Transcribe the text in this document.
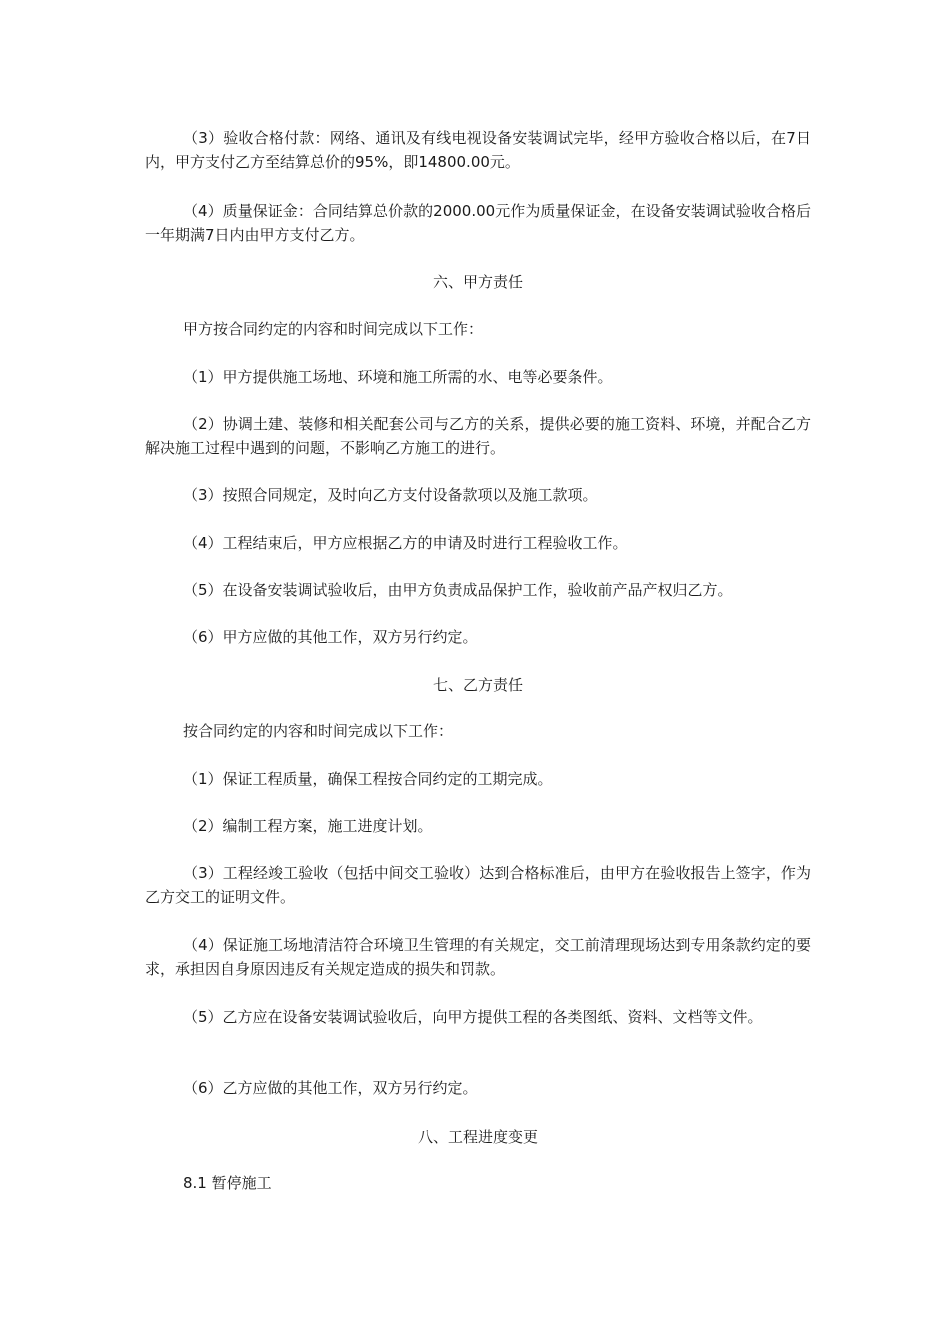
（3）验收合格付款：网络、通讯及有线电视设备安装调试完毕，经甲方验收合格以后，在7日内，甲方支付乙方至结算总价的95%，即14800.00元。

（4）质量保证金：合同结算总价款的2000.00元作为质量保证金，在设备安装调试验收合格后一年期满7日内由甲方支付乙方。

六、甲方责任

甲方按合同约定的内容和时间完成以下工作：

（1）甲方提供施工场地、环境和施工所需的水、电等必要条件。

（2）协调土建、装修和相关配套公司与乙方的关系，提供必要的施工资料、环境，并配合乙方解决施工过程中遇到的问题，不影响乙方施工的进行。

（3）按照合同规定，及时向乙方支付设备款项以及施工款项。

（4）工程结束后，甲方应根据乙方的申请及时进行工程验收工作。

（5）在设备安装调试验收后，由甲方负责成品保护工作，验收前产品产权归乙方。

（6）甲方应做的其他工作，双方另行约定。

七、乙方责任

按合同约定的内容和时间完成以下工作：

（1）保证工程质量，确保工程按合同约定的工期完成。

（2）编制工程方案，施工进度计划。

（3）工程经竣工验收（包括中间交工验收）达到合格标准后，由甲方在验收报告上签字，作为乙方交工的证明文件。

（4）保证施工场地清洁符合环境卫生管理的有关规定，交工前清理现场达到专用条款约定的要求，承担因自身原因违反有关规定造成的损失和罚款。

（5）乙方应在设备安装调试验收后，向甲方提供工程的各类图纸、资料、文档等文件。

（6）乙方应做的其他工作，双方另行约定。

八、工程进度变更

8.1 暂停施工
